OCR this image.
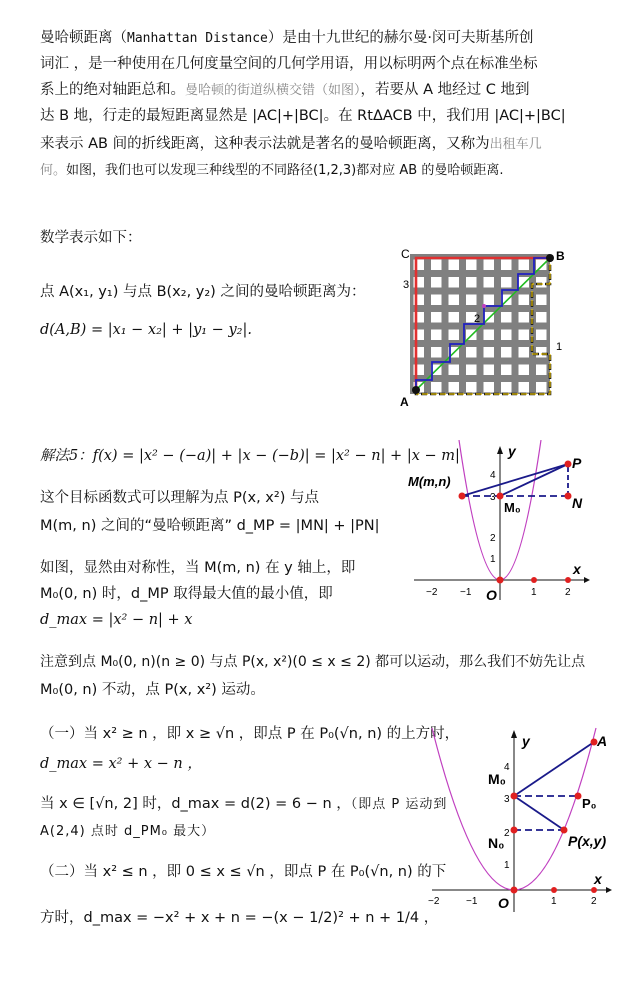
曼哈顿距离（Manhattan Distance）是由十九世纪的赫尔曼·闵可夫斯基所创
词汇 ，是一种使用在几何度量空间的几何学用语，用以标明两个点在标准坐标
系上的绝对轴距总和。曼哈顿的街道纵横交错（如图），若要从 A 地经过 C 地到
达 B 地，行走的最短距离显然是 |AC|+|BC|。在 RtΔACB 中，我们用 |AC|+|BC|
来表示 AB 间的折线距离，这种表示法就是著名的曼哈顿距离，又称为出租车几
何。如图，我们也可以发现三种线型的不同路径(1,2,3)都对应 AB 的曼哈顿距离.
数学表示如下：
点 A(x₁, y₁) 与点 B(x₂, y₂) 之间的曼哈顿距离为：
d(A,B) = |x₁ − x₂| + |y₁ − y₂|.
C	B
A
1
2
3
解法5：f(x) = |x² − (−a)| + |x − (−b)| = |x² − n| + |x − m|
这个目标函数式可以理解为点 P(x, x²) 与点
M(m, n) 之间的“曼哈顿距离” d_MP = |MN| + |PN|
如图，显然由对称性，当 M(m, n) 在 y 轴上，即
M₀(0, n) 时，d_MP 取得最大值的最小值，即
d_max = |x² − n| + x
注意到点 M₀(0, n)(n ≥ 0) 与点 P(x, x²)(0 ≤ x ≤ 2) 都可以运动，那么我们不妨先让点
M₀(0, n) 不动，点 P(x, x²) 运动。
y
x
M(m,n)
P
N
M₀
O
−2 −1	1	2
1
2
3
4
（一）当 x² ≥ n ，即 x ≥ √n ，即点 P 在 P₀(√n, n) 的上方时，
d_max = x² + x − n ，
当 x ∈ [√n, 2] 时，d_max = d(2) = 6 − n ，（即点 P 运动到
A(2,4) 点时 d_PM₀ 最大）
（二）当 x² ≤ n ，即 0 ≤ x ≤ √n ，即点 P 在 P₀(√n, n) 的下
方时，d_max = −x² + x + n = −(x − 1/2)² + n + 1/4 ，
y
x
A
M₀
P₀
P(x,y)
N₀
O
−2	−1	1	2
1
2
3
4
